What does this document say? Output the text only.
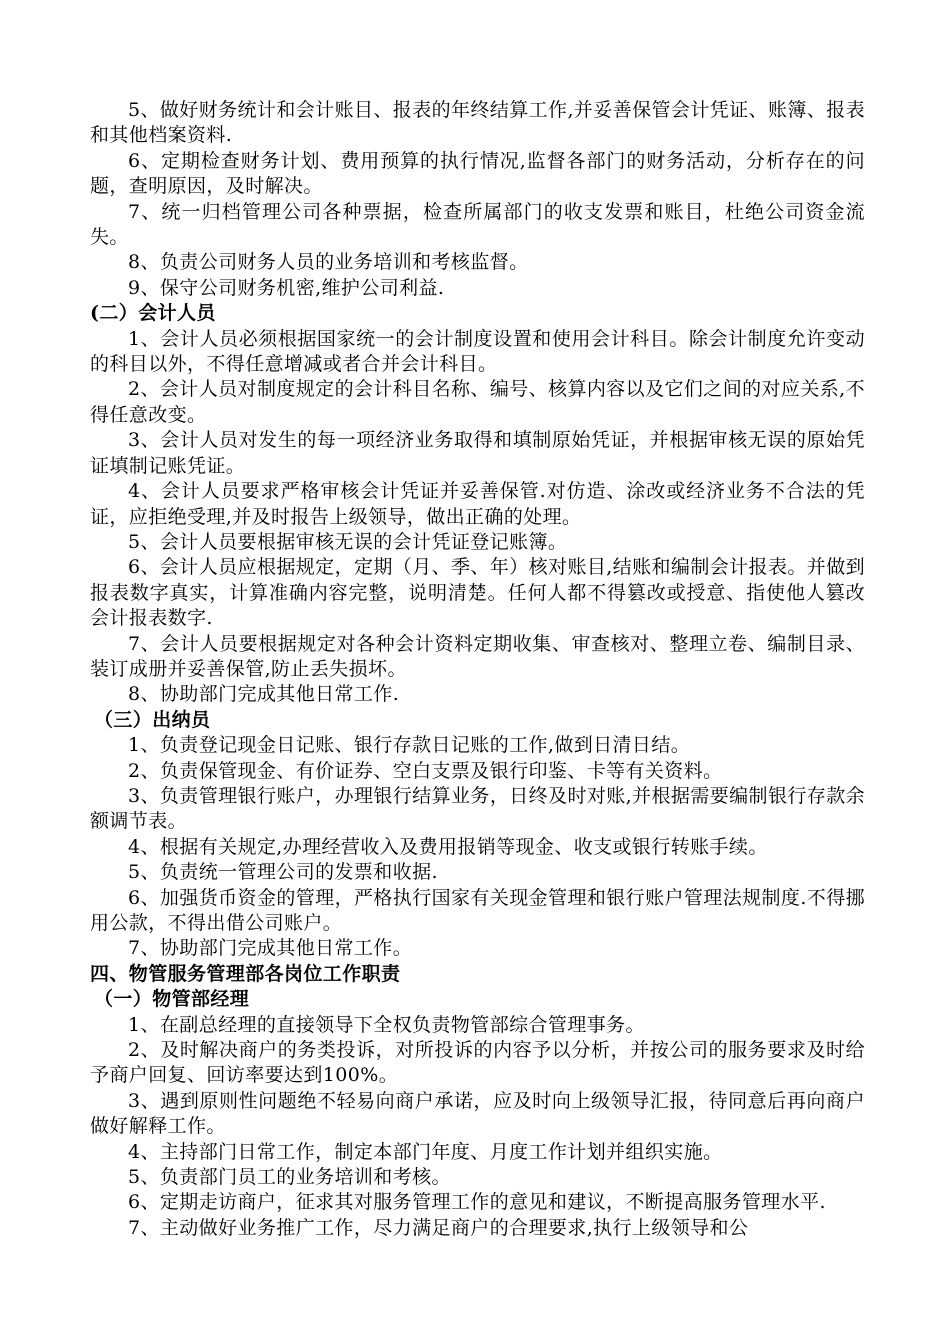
5、做好财务统计和会计账目、报表的年终结算工作,并妥善保管会计凭证、账簿、报表和其他档案资料.

6、定期检查财务计划、费用预算的执行情况,监督各部门的财务活动，分析存在的问题，查明原因，及时解决。

7、统一归档管理公司各种票据，检查所属部门的收支发票和账目，杜绝公司资金流失。

8、负责公司财务人员的业务培训和考核监督。

9、保守公司财务机密,维护公司利益.

(二）会计人员

1、会计人员必须根据国家统一的会计制度设置和使用会计科目。除会计制度允许变动的科目以外，不得任意增减或者合并会计科目。

2、会计人员对制度规定的会计科目名称、编号、核算内容以及它们之间的对应关系,不得任意改变。

3、会计人员对发生的每一项经济业务取得和填制原始凭证，并根据审核无误的原始凭证填制记账凭证。

4、会计人员要求严格审核会计凭证并妥善保管.对仿造、涂改或经济业务不合法的凭证，应拒绝受理,并及时报告上级领导，做出正确的处理。

5、会计人员要根据审核无误的会计凭证登记账簿。

6、会计人员应根据规定，定期（月、季、年）核对账目,结账和编制会计报表。并做到报表数字真实，计算准确内容完整，说明清楚。任何人都不得篡改或授意、指使他人篡改会计报表数字.

7、会计人员要根据规定对各种会计资料定期收集、审查核对、整理立卷、编制目录、装订成册并妥善保管,防止丢失损坏。

8、协助部门完成其他日常工作.

（三）出纳员

1、负责登记现金日记账、银行存款日记账的工作,做到日清日结。

2、负责保管现金、有价证券、空白支票及银行印鉴、卡等有关资料。

3、负责管理银行账户，办理银行结算业务，日终及时对账,并根据需要编制银行存款余额调节表。

4、根据有关规定,办理经营收入及费用报销等现金、收支或银行转账手续。

5、负责统一管理公司的发票和收据.

6、加强货币资金的管理，严格执行国家有关现金管理和银行账户管理法规制度.不得挪用公款，不得出借公司账户。

7、协助部门完成其他日常工作。

四、物管服务管理部各岗位工作职责

（一）物管部经理

1、在副总经理的直接领导下全权负责物管部综合管理事务。

2、及时解决商户的务类投诉，对所投诉的内容予以分析，并按公司的服务要求及时给予商户回复、回访率要达到100%。

3、遇到原则性问题绝不轻易向商户承诺，应及时向上级领导汇报，待同意后再向商户做好解释工作。

4、主持部门日常工作，制定本部门年度、月度工作计划并组织实施。

5、负责部门员工的业务培训和考核。

6、定期走访商户，征求其对服务管理工作的意见和建议，不断提高服务管理水平.

7、主动做好业务推广工作，尽力满足商户的合理要求,执行上级领导和公
